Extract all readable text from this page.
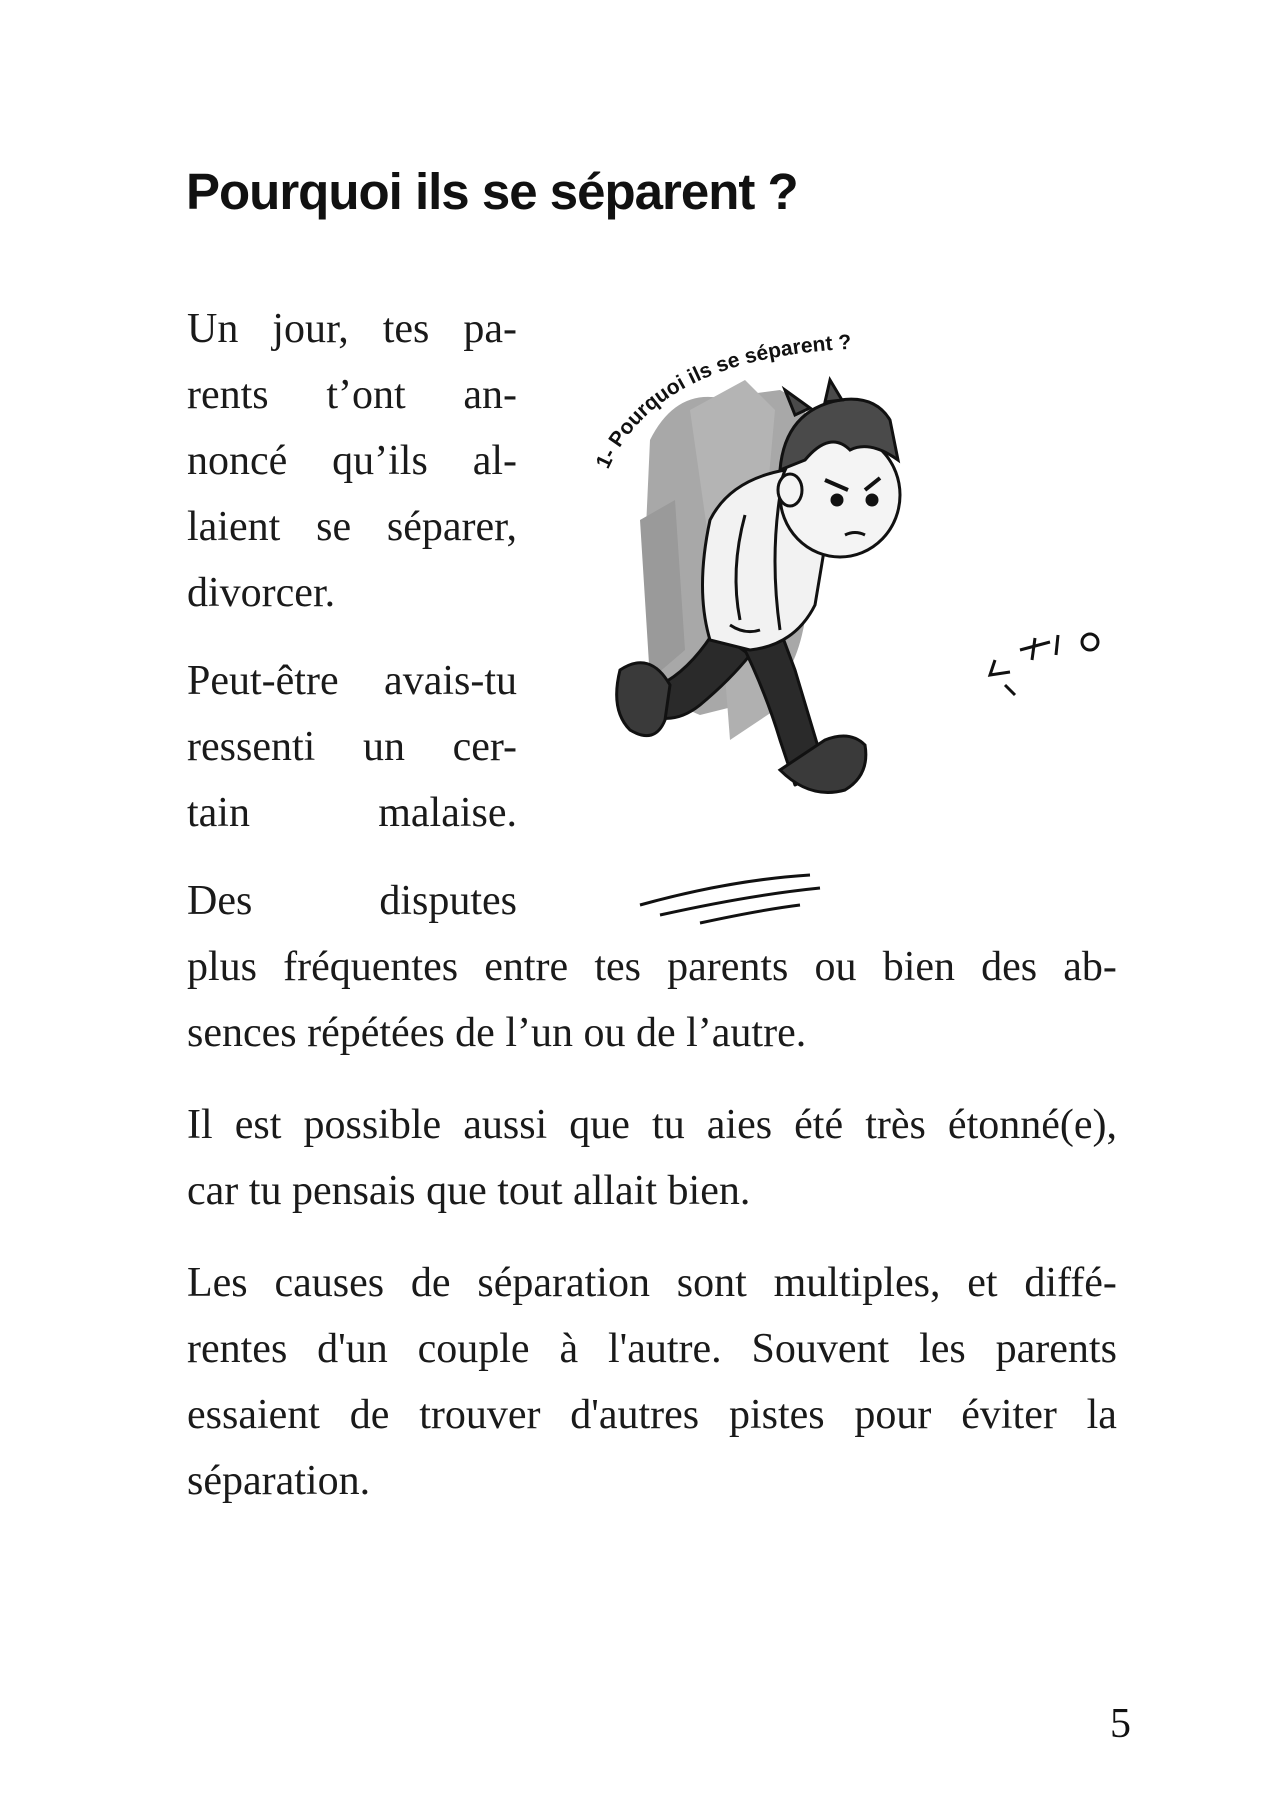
Pourquoi ils se séparent ?
Un jour, tes pa-
rents t’ont an-
noncé qu’ils al-
laient se séparer,
divorcer.
Peut-être avais-tu
ressenti un cer-
tain	malaise.
Des	disputes
plus fréquentes entre tes parents ou bien des ab-
sences répétées de l’un ou de l’autre.
Il est possible aussi que tu aies été très étonné(e),
car tu pensais que tout allait bien.
Les causes de séparation sont multiples, et diffé-
rentes d'un couple à l'autre. Souvent les parents
essaient de trouver d'autres pistes pour éviter la
séparation.
1- Pourquoi ils se séparent ?
5
